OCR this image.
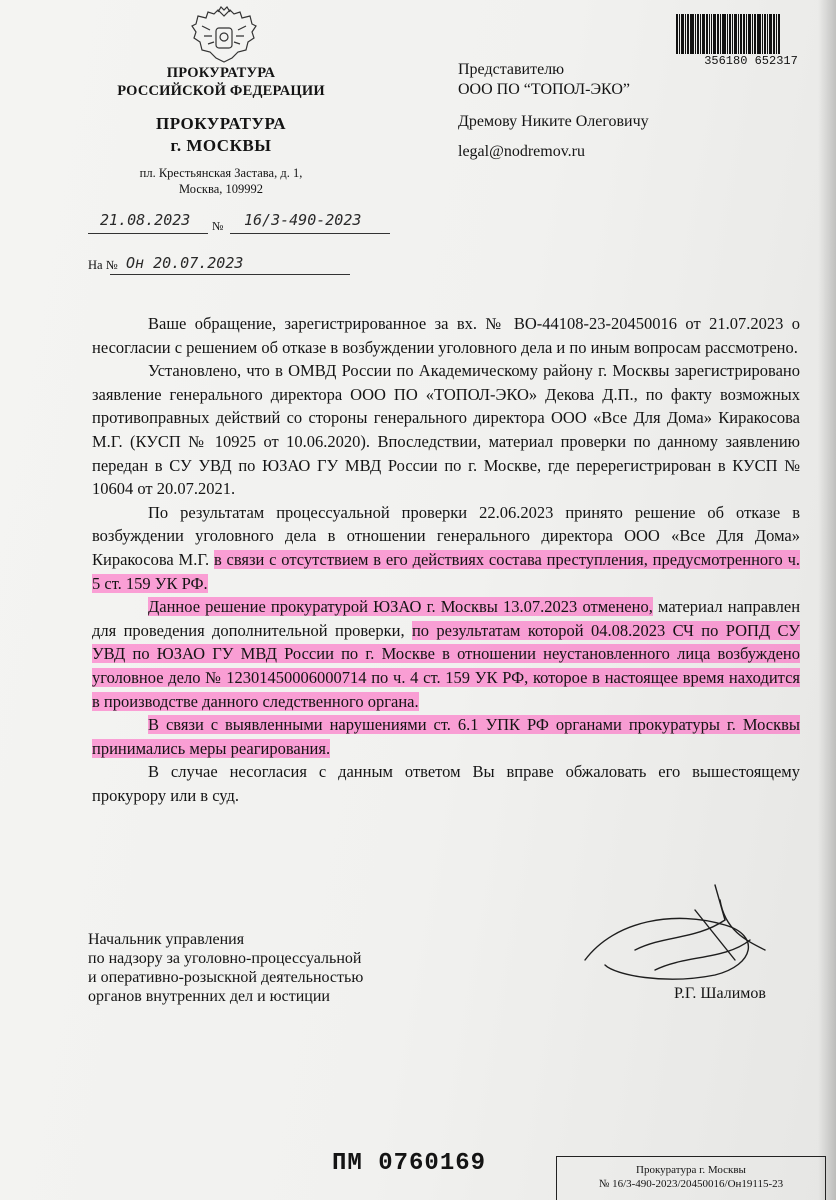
ПРОКУРАТУРА
РОССИЙСКОЙ ФЕДЕРАЦИИ
ПРОКУРАТУРА
г. МОСКВЫ
пл. Крестьянская Застава, д. 1,
Москва, 109992
21.08.2023 № 16/3-490-2023
На № Он 20.07.2023
356180 652317
Представителю
ООО ПО “ТОПОЛ-ЭКО”
Дремову Никите Олеговичу
legal@nodremov.ru

Ваше обращение, зарегистрированное за вх. № ВО-44108-23-20450016 от 21.07.2023 о несогласии с решением об отказе в возбуждении уголовного дела и по иным вопросам рассмотрено.

Установлено, что в ОМВД России по Академическому району г. Москвы зарегистрировано заявление генерального директора ООО ПО «ТОПОЛ-ЭКО» Декова Д.П., по факту возможных противоправных действий со стороны генерального директора ООО «Все Для Дома» Киракосова М.Г. (КУСП № 10925 от 10.06.2020). Впоследствии, материал проверки по данному заявлению передан в СУ УВД по ЮЗАО ГУ МВД России по г. Москве, где перерегистрирован в КУСП № 10604 от 20.07.2021.

По результатам процессуальной проверки 22.06.2023 принято решение об отказе в возбуждении уголовного дела в отношении генерального директора ООО «Все Для Дома» Киракосова М.Г. в связи с отсутствием в его действиях состава преступления, предусмотренного ч. 5 ст. 159 УК РФ.

Данное решение прокуратурой ЮЗАО г. Москвы 13.07.2023 отменено, материал направлен для проведения дополнительной проверки, по результатам которой 04.08.2023 СЧ по РОПД СУ УВД по ЮЗАО ГУ МВД России по г. Москве в отношении неустановленного лица возбуждено уголовное дело № 12301450006000714 по ч. 4 ст. 159 УК РФ, которое в настоящее время находится в производстве данного следственного органа.

В связи с выявленными нарушениями ст. 6.1 УПК РФ органами прокуратуры г. Москвы принимались меры реагирования.

В случае несогласия с данным ответом Вы вправе обжаловать его вышестоящему прокурору или в суд.

Начальник управления
по надзору за уголовно-процессуальной
и оперативно-розыскной деятельностью
органов внутренних дел и юстиции	Р.Г. Шалимов
ПМ 0760169	Прокуратура г. Москвы
№ 16/3-490-2023/20450016/Он19115-23
